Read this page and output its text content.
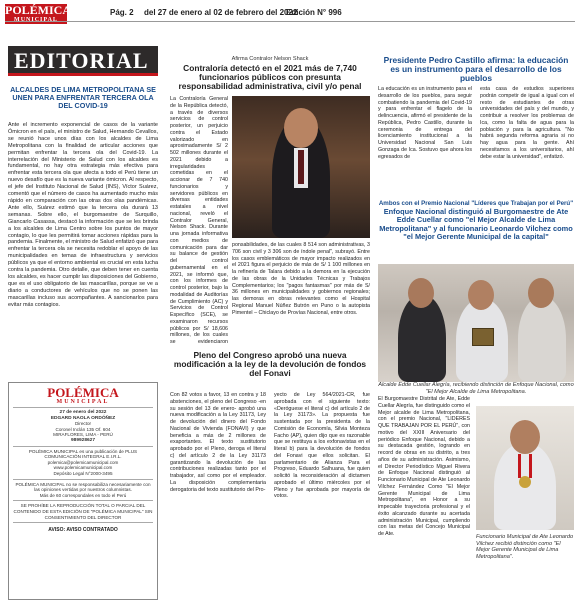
POLÉMICA
MUNICIPAL
Pág. 2 del 27 de enero al 02 de febrero del 2022
Edición N° 996
EDITORIAL
ALCALDES DE LIMA METROPOLITANA SE UNEN PARA ENFRENTAR TERCERA OLA DEL COVID-19
Ante el incremento exponencial de casos de la variante Ómicron en el país, el ministro de Salud, Hernando Cevallos, se reunió hace unos días con los alcaldes de Lima Metropolitana con la finalidad de articular acciones que permitan enfrentar la tercera ola del Covid-19. La interrelación del Ministerio de Salud con los alcaldes es fundamental, no hay otra estrategia más efectiva para enfrentar esta tercera ola que afecta a todo el Perú tiene un nuevo desafío que es la nueva variante ómicron. Al respecto, el jefe del Instituto Nacional de Salud (INS), Víctor Suárez, comentó que el número de casos ha aumentado mucho más rápido en comparación con las otras dos olas pandémicas. Ante ello, Suárez estimó que la tercera ola durará 13 semanas. Sobre ello, el burgomaestre de Surquillo, Giancarlo Casassa, destacó la información que se les brinda a los alcaldes de Lima Centro sobre los puntos de mayor contagio, lo que les permitirá tomar acciones rápidas para la pandemia. Finalmente, el ministro de Salud enfatizó que para enfrentar la tercera ola se necesita redoblar el apoyo de las municipalidades en temas de infraestructura y servicios públicos ya que el entorno ambiental es crucial en esta lucha contra la pandemia. Otro detalle, que deben tener en cuenta los alcaldes, es hacer cumplir las disposiciones del Gobierno, que es el uso obligatorio de las mascarillas, porque se ve a diario a conductores de vehículos que no se ponen las mascarillas incluso sus acompañantes. A sancionarlos para evitar más contagios.
POLÉMICA
MUNICIPAL
27 de enero del 2022
EDGARD NAOLA ORDÓÑEZ
Director
Coronel Inclán 135 Of. 604
MIRAFLORES, LIMA - PERÚ
989928627
POLÉMICA MUNICIPAL es una publicación de PLUS COMUNICACIÓN INTEGRAL E.I.R.L.
polemica@polemicamunicipal.com
www.polemicamunicipal.com
Depósito Legal N°2000-3495
POLÉMICA MUNICIPAL no se responsabiliza necesariamente con las opiniones vertidas por nuestros columnistas.
Más de 60 correspondales en todo el Perú
SE PROHÍBE LA REPRODUCCIÓN TOTAL O PARCIAL DEL CONTENIDO DE ESTA EDICIÓN DE "POLÉMICA MUNICIPAL" SIN CONSENTIMIENTO DEL DIRECTOR
AVISO: AVISO CONTRATADO
Afirma Contralor Nelson Shack
Contraloría detectó en el 2021 más de 7,740 funcionarios públicos con presunta responsabilidad administrativa, civil y/o penal
La Contraloría General de la República detectó, a través de diversos servicios de control posterior, un perjuicio contra el Estado valorizado en aproximadamente S/ 2 502 millones durante el 2021 debido a irregularidades cometidas en el accionar de 7 740 funcionarios y servidores públicos en diversas entidades estatales a nivel nacional, reveló el Contralor General, Nelson Shack. Durante una jornada informativa con medios de comunicación para dar su balance de gestión del control gubernamental en el 2021, se informó que, con los informes de control posterior, bajo la modalidad de Auditorías de Cumplimiento (AC) y Servicios de Control Específico (SCE), se examinaron recursos públicos por S/ 18,606 millones, de los cuales se evidenciaron
ponsabilidades, de las cuales 8 514 son administrativas, 3 706 son civil y 3 306 son de índole penal", subrayó. Entre los casos emblemáticos de mayor impacto realizados en el 2021 figura el perjuicio de más de S/ 1 100 millones en la refinería de Talara debido a la demora en la ejecución de las obras de la Unidades Técnicas y Trabajos Complementarios; los "pagos fantasmas" por más de S/ 36 millones en municipalidades y gobiernos regionales; las demoras en obras relevantes como el Hospital Regional Manuel Núñez Butrón en Puno o la autopista Pimentel – Chiclayo de Provías Nacional, entre otros.
Pleno del Congreso aprobó una nueva modificación a la ley de la devolución de fondos del Fonavi
Con 82 votos a favor, 13 en contra y 18 abstenciones, el pleno del Congreso -en su sesión del 13 de enero- aprobó una nueva modificación a la Ley 31173, Ley de devolución del dinero del Fondo Nacional de Vivienda (FONAVI) y que beneficia a más de 2 millones de exaportantes. El texto sustitutorio aprobado por el Pleno, deroga el literal c) del artículo 2 de la Ley 31173 garantizando la devolución de las contribuciones realizadas tanto por el trabajador, así como por el empleador. La disposición complementaria derogatoria del texto sustitutorio del Pro-
yecto de Ley 564/2021-CR, fue aprobada con el siguiente texto: «Deróguese el literal c) del artículo 2 de la Ley 31173». La propuesta fue sustentada por la presidenta de la Comisión de Economía, Silvia Monteza Facho (AP), quien dijo que es razonable que se restituya a los exfonavistas en el literal b) para la devolución de fondos del Fonavi que ellos solicitan. El parlamentario de Alianza Para el Progreso, Eduardo Salhuana, fue quien solicitó la reconsideración al dictamen aprobado el último miércoles por el Pleno y fue aprobada por mayoría de votos.
Presidente Pedro Castillo afirma: la educación es un instrumento para el desarrollo de los pueblos
La educación es un instrumento para el desarrollo de los pueblos, para seguir combatiendo la pandemia del Covid-19 y para enfrentar el flagelo de la delincuencia, afirmó el presidente de la República, Pedro Castillo, durante la ceremonia de entrega del licenciamiento institucional a la Universidad Nacional San Luis Gonzaga de Ica. Sostuvo que ahora los egresados de
esta casa de estudios superiores podrán competir de igual a igual con el resto de estudiantes de otras universidades del país y del mundo, y contribuir a resolver los problemas de Ica, como la falta de agua para la población y para la agricultura. "No habrá segunda reforma agraria si no hay agua para la gente. Ahí necesitamos a los universitarios, ahí debe estar la universidad", enfatizó.
Ambos con el Premio Nacional "Líderes que Trabajan por el Perú"
Enfoque Nacional distinguió al Burgomaestre de Ate Edde Cuellar como "el Mejor Alcalde de Lima Metropolitana" y al funcionario Leonardo Vilchez como "el Mejor Gerente Municipal de la capital"
Alcalde Edde Cuellar Alegría, recibiendo distinción de Enfoque Nacional, como "El Mejor Alcalde de Lima Metropolitana.
El Burgomaestre Distrital de Ate, Edde Cuellar Alegría, fue distinguido como el Mejor alcalde de Lima Metropolitana, con el premio Nacional, "LIDERES QUE TRABAJAN POR EL PERÚ", con motivo del XXIII Aniversario del periódico Enfoque Nacional, debido a su destacada gestión, logrando en record de obras en su distrito, a tres años de su administración. Asimismo, el Director Periodístico Miguel Rivera de Enfoque Nacional distinguió al Funcionario Municipal de Ate Leonardo Vilchez Fernández Como "El Mejor Gerente Municipal de Lima Metropolitana", en Honor a su impecable trayectoria profesional y el éxito alcanzado durante su acertada administración Municipal, cumpliendo con las metas del Concejo Municipal de Ate.	Funcionario Municipal de Ate Leonardo Vilchez recibió distinción como "El Mejor Gerente Municipal de Lima Metropolitana".
